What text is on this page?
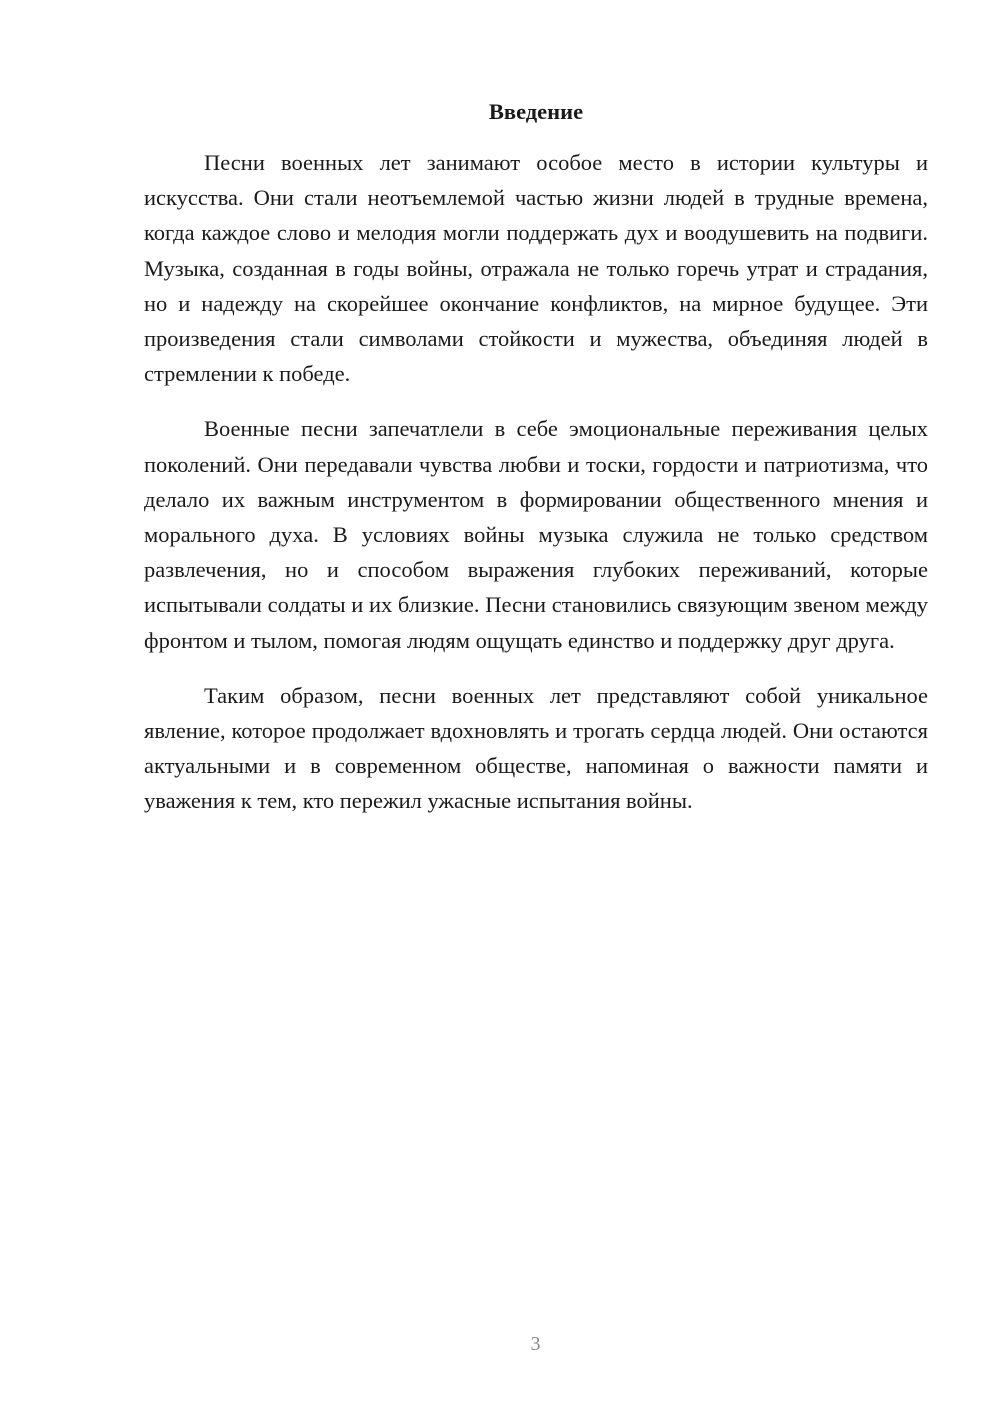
Введение

Песни военных лет занимают особое место в истории культуры и искусства. Они стали неотъемлемой частью жизни людей в трудные времена, когда каждое слово и мелодия могли поддержать дух и воодушевить на подвиги. Музыка, созданная в годы войны, отражала не только горечь утрат и страдания, но и надежду на скорейшее окончание конфликтов, на мирное будущее. Эти произведения стали символами стойкости и мужества, объединяя людей в стремлении к победе.

Военные песни запечатлели в себе эмоциональные переживания целых поколений. Они передавали чувства любви и тоски, гордости и патриотизма, что делало их важным инструментом в формировании общественного мнения и морального духа. В условиях войны музыка служила не только средством развлечения, но и способом выражения глубоких переживаний, которые испытывали солдаты и их близкие. Песни становились связующим звеном между фронтом и тылом, помогая людям ощущать единство и поддержку друг друга.

Таким образом, песни военных лет представляют собой уникальное явление, которое продолжает вдохновлять и трогать сердца людей. Они остаются актуальными и в современном обществе, напоминая о важности памяти и уважения к тем, кто пережил ужасные испытания войны.

3
